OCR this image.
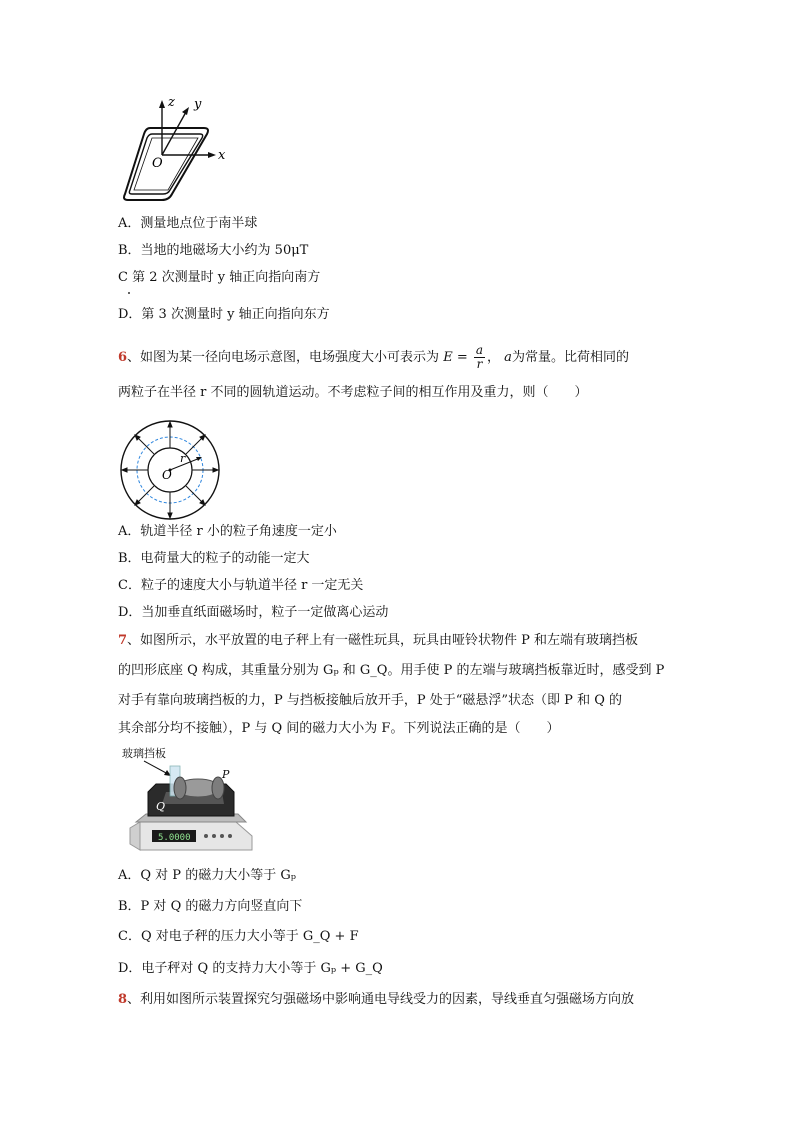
z y
x
O
A．测量地点位于南半球
B．当地的地磁场大小约为 50μT
C 第 2 次测量时 y 轴正向指向南方
D．第 3 次测量时 y 轴正向指向东方
6、如图为某一径向电场示意图，电场强度大小可表示为 $E = \frac{a}{r}$ ， a为常量。比荷相同的
两粒子在半径 r 不同的圆轨道运动。不考虑粒子间的相互作用及重力，则（　　）
O
r
A．轨道半径 r 小的粒子角速度一定小
B．电荷量大的粒子的动能一定大
C．粒子的速度大小与轨道半径 r 一定无关
D．当加垂直纸面磁场时，粒子一定做离心运动
7、如图所示，水平放置的电子秤上有一磁性玩具，玩具由哑铃状物件 P 和左端有玻璃挡板
的凹形底座 Q 构成，其重量分别为 Gₚ 和 G_Q。用手使 P 的左端与玻璃挡板靠近时，感受到 P
对手有靠向玻璃挡板的力，P 与挡板接触后放开手，P 处于“磁悬浮”状态（即 P 和 Q 的
其余部分均不接触），P 与 Q 间的磁力大小为 F。下列说法正确的是（　　）
玻璃挡板
5.0000
Q
P
A．Q 对 P 的磁力大小等于 Gₚ
B．P 对 Q 的磁力方向竖直向下
C．Q 对电子秤的压力大小等于 G_Q + F
D．电子秤对 Q 的支持力大小等于 Gₚ + G_Q
8、利用如图所示装置探究匀强磁场中影响通电导线受力的因素，导线垂直匀强磁场方向放
